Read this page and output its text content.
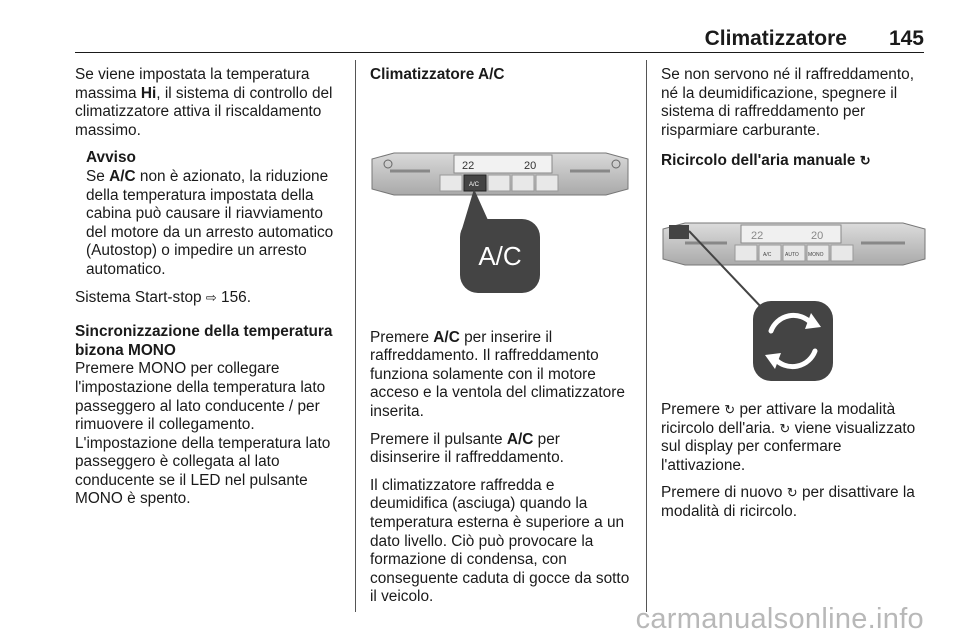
Climatizzatore 145

Se viene impostata la temperatura massima Hi, il sistema di controllo del climatizzatore attiva il riscaldamento massimo.

Avviso

Se A/C non è azionato, la riduzione della temperatura impostata della cabina può causare il riavviamento del motore da un arresto automatico (Autostop) o impedire un arresto automatico.

Sistema Start-stop ⇨ 156.

Sincronizzazione della temperatura bizona MONO

Premere MONO per collegare l'impostazione della temperatura lato passeggero al lato conducente / per rimuovere il collegamento. L'impostazione della temperatura lato passeggero è collegata al lato conducente se il LED nel pulsante MONO è spento.

Climatizzatore A/C

22	20
A/C
A/C

Premere A/C per inserire il raffreddamento. Il raffreddamento funziona solamente con il motore acceso e la ventola del climatizzatore inserita.

Premere il pulsante A/C per disinserire il raffreddamento.

Il climatizzatore raffredda e deumidifica (asciuga) quando la temperatura esterna è superiore a un dato livello. Ciò può provocare la formazione di condensa, con conseguente caduta di gocce da sotto il veicolo.

Se non servono né il raffreddamento, né la deumidificazione, spegnere il sistema di raffreddamento per risparmiare carburante.

Ricircolo dell'aria manuale ↻

22	20
A/C	AUTO MONO

Premere ↻ per attivare la modalità ricircolo dell'aria. ↻ viene visualizzato sul display per confermare l'attivazione.

Premere di nuovo ↻ per disattivare la modalità di ricircolo.

carmanualsonline.info
